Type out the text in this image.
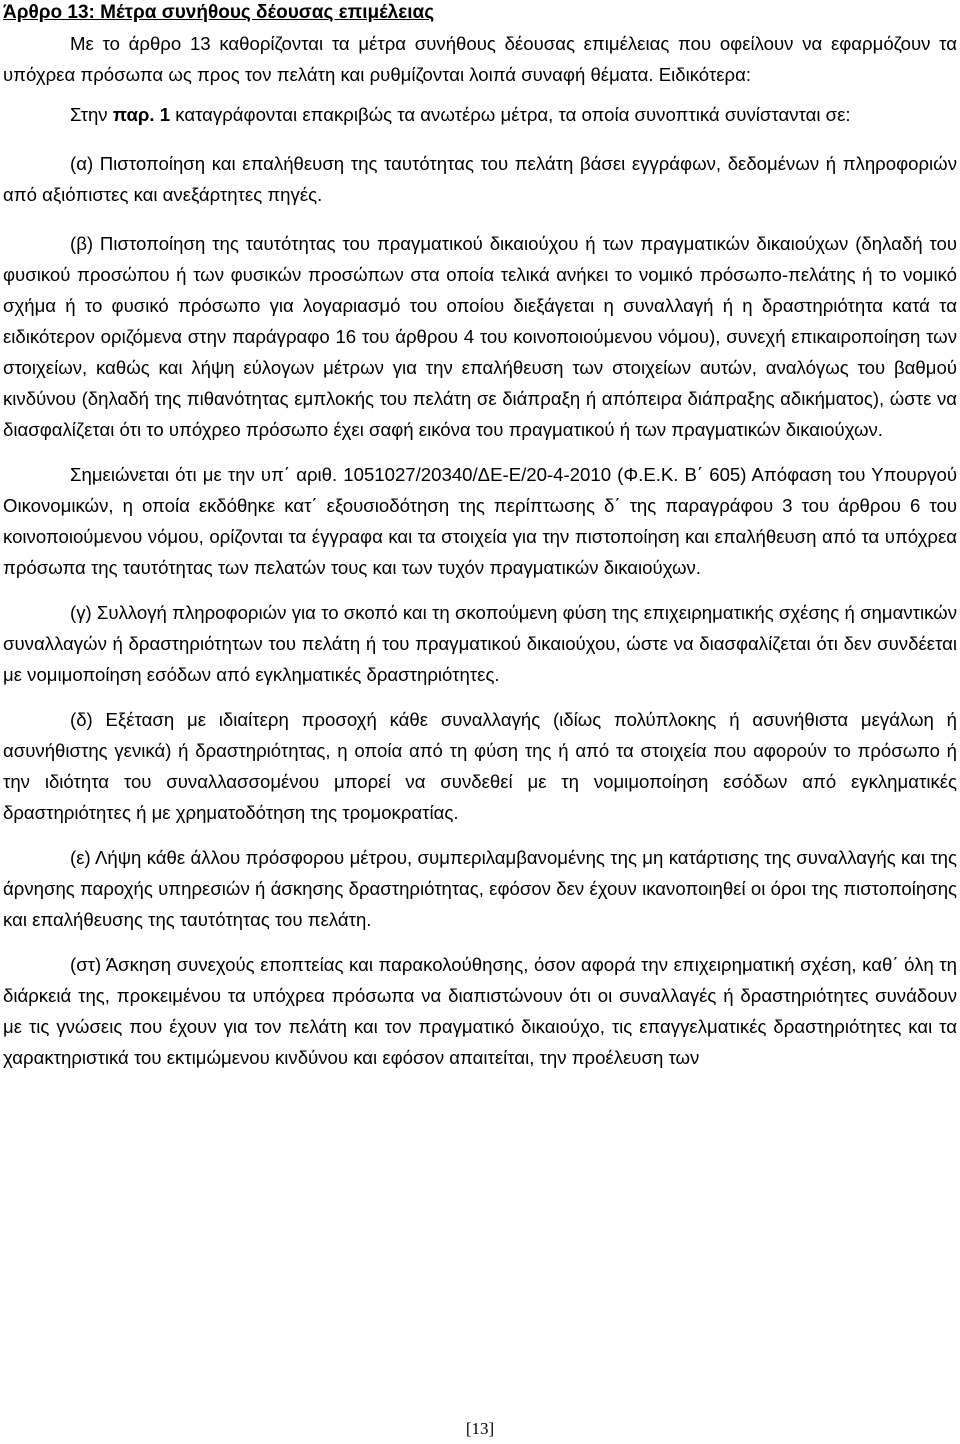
Άρθρο 13: Μέτρα συνήθους δέουσας επιμέλειας

Με το άρθρο 13 καθορίζονται τα μέτρα συνήθους δέουσας επιμέλειας που οφείλουν να εφαρμόζουν τα υπόχρεα πρόσωπα ως προς τον πελάτη και ρυθμίζονται λοιπά συναφή θέματα. Ειδικότερα:

Στην παρ. 1 καταγράφονται επακριβώς τα ανωτέρω μέτρα, τα οποία συνοπτικά συνίστανται σε:

(α) Πιστοποίηση και επαλήθευση της ταυτότητας του πελάτη βάσει εγγράφων, δεδομένων ή πληροφοριών από αξιόπιστες και ανεξάρτητες πηγές.

(β) Πιστοποίηση της ταυτότητας του πραγματικού δικαιούχου ή των πραγματικών δικαιούχων (δηλαδή του φυσικού προσώπου ή των φυσικών προσώπων στα οποία τελικά ανήκει το νομικό πρόσωπο-πελάτης ή το νομικό σχήμα ή το φυσικό πρόσωπο για λογαριασμό του οποίου διεξάγεται η συναλλαγή ή η δραστηριότητα κατά τα ειδικότερον οριζόμενα στην παράγραφο 16 του άρθρου 4 του κοινοποιούμενου νόμου), συνεχή επικαιροποίηση των στοιχείων, καθώς και λήψη εύλογων μέτρων για την επαλήθευση των στοιχείων αυτών, αναλόγως του βαθμού κινδύνου (δηλαδή της πιθανότητας εμπλοκής του πελάτη σε διάπραξη ή απόπειρα διάπραξης αδικήματος), ώστε να διασφαλίζεται ότι το υπόχρεο πρόσωπο έχει σαφή εικόνα του πραγματικού ή των πραγματικών δικαιούχων.

Σημειώνεται ότι με την υπ΄ αριθ. 1051027/20340/ΔΕ-Ε/20-4-2010 (Φ.Ε.Κ. Β΄ 605) Απόφαση του Υπουργού Οικονομικών, η οποία εκδόθηκε κατ΄ εξουσιοδότηση της περίπτωσης δ΄ της παραγράφου 3 του άρθρου 6 του κοινοποιούμενου νόμου, ορίζονται τα έγγραφα και τα στοιχεία για την πιστοποίηση και επαλήθευση από τα υπόχρεα πρόσωπα της ταυτότητας των πελατών τους και των τυχόν πραγματικών δικαιούχων.

(γ) Συλλογή πληροφοριών για το σκοπό και τη σκοπούμενη φύση της επιχειρηματικής σχέσης ή σημαντικών συναλλαγών ή δραστηριότητων του πελάτη ή του πραγματικού δικαιούχου, ώστε να διασφαλίζεται ότι δεν συνδέεται με νομιμοποίηση εσόδων από εγκληματικές δραστηριότητες.

(δ) Εξέταση με ιδιαίτερη προσοχή κάθε συναλλαγής (ιδίως πολύπλοκης ή ασυνήθιστα μεγάλωη ή ασυνήθιστης γενικά) ή δραστηριότητας, η οποία από τη φύση της ή από τα στοιχεία που αφορούν το πρόσωπο ή την ιδιότητα του συναλλασσομένου μπορεί να συνδεθεί με τη νομιμοποίηση εσόδων από εγκληματικές δραστηριότητες ή με χρηματοδότηση της τρομοκρατίας.

(ε) Λήψη κάθε άλλου πρόσφορου μέτρου, συμπεριλαμβανομένης της μη κατάρτισης της συναλλαγής και της άρνησης παροχής υπηρεσιών ή άσκησης δραστηριότητας, εφόσον δεν έχουν ικανοποιηθεί οι όροι της πιστοποίησης και επαλήθευσης της ταυτότητας του πελάτη.

(στ) Άσκηση συνεχούς εποπτείας και παρακολούθησης, όσον αφορά την επιχειρηματική σχέση, καθ΄ όλη τη διάρκειά της, προκειμένου τα υπόχρεα πρόσωπα να διαπιστώνουν ότι οι συναλλαγές ή δραστηριότητες συνάδουν με τις γνώσεις που έχουν για τον πελάτη και τον πραγματικό δικαιούχο, τις επαγγελματικές δραστηριότητες και τα χαρακτηριστικά του εκτιμώμενου κινδύνου και εφόσον απαιτείται, την προέλευση των

[13]
